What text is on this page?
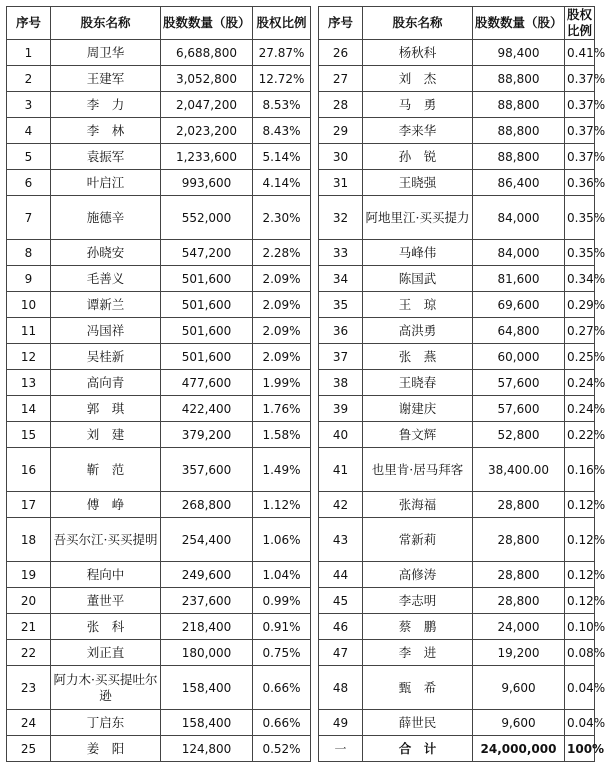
序号	股东名称	股数数量（股）	股权比例		序号	股东名称	股数数量（股）	股权比例
1	周卫华	6,688,800	27.87%		26	杨秋科	98,400	0.41%
2	王建军	3,052,800	12.72%		27	刘　杰	88,800	0.37%
3	李　力	2,047,200	8.53%		28	马　勇	88,800	0.37%
4	李　林	2,023,200	8.43%		29	李来华	88,800	0.37%
5	袁振军	1,233,600	5.14%		30	孙　锐	88,800	0.37%
6	叶启江	993,600	4.14%		31	王晓强	86,400	0.36%
7	施德辛	552,000	2.30%		32	阿地里江·买买提力	84,000	0.35%
8	孙晓安	547,200	2.28%		33	马峰伟	84,000	0.35%
9	毛善义	501,600	2.09%		34	陈国武	81,600	0.34%
10	谭新兰	501,600	2.09%		35	王　琼	69,600	0.29%
11	冯国祥	501,600	2.09%		36	高洪勇	64,800	0.27%
12	吴桂新	501,600	2.09%		37	张　燕	60,000	0.25%
13	高向青	477,600	1.99%		38	王晓春	57,600	0.24%
14	郭　琪	422,400	1.76%		39	谢建庆	57,600	0.24%
15	刘　建	379,200	1.58%		40	鲁文辉	52,800	0.22%
16	靳　范	357,600	1.49%		41	也里肯·居马拜客	38,400.00	0.16%
17	傅　峥	268,800	1.12%		42	张海福	28,800	0.12%
18	吾买尔江·买买提明	254,400	1.06%		43	常新莉	28,800	0.12%
19	程向中	249,600	1.04%		44	高修涛	28,800	0.12%
20	董世平	237,600	0.99%		45	李志明	28,800	0.12%
21	张　科	218,400	0.91%		46	蔡　鹏	24,000	0.10%
22	刘正直	180,000	0.75%		47	李　进	19,200	0.08%
23	阿力木·买买提吐尔逊	158,400	0.66%		48	甄　希	9,600	0.04%
24	丁启东	158,400	0.66%		49	薛世民	9,600	0.04%
25	姜　阳	124,800	0.52%		一	合　计	24,000,000	100%
